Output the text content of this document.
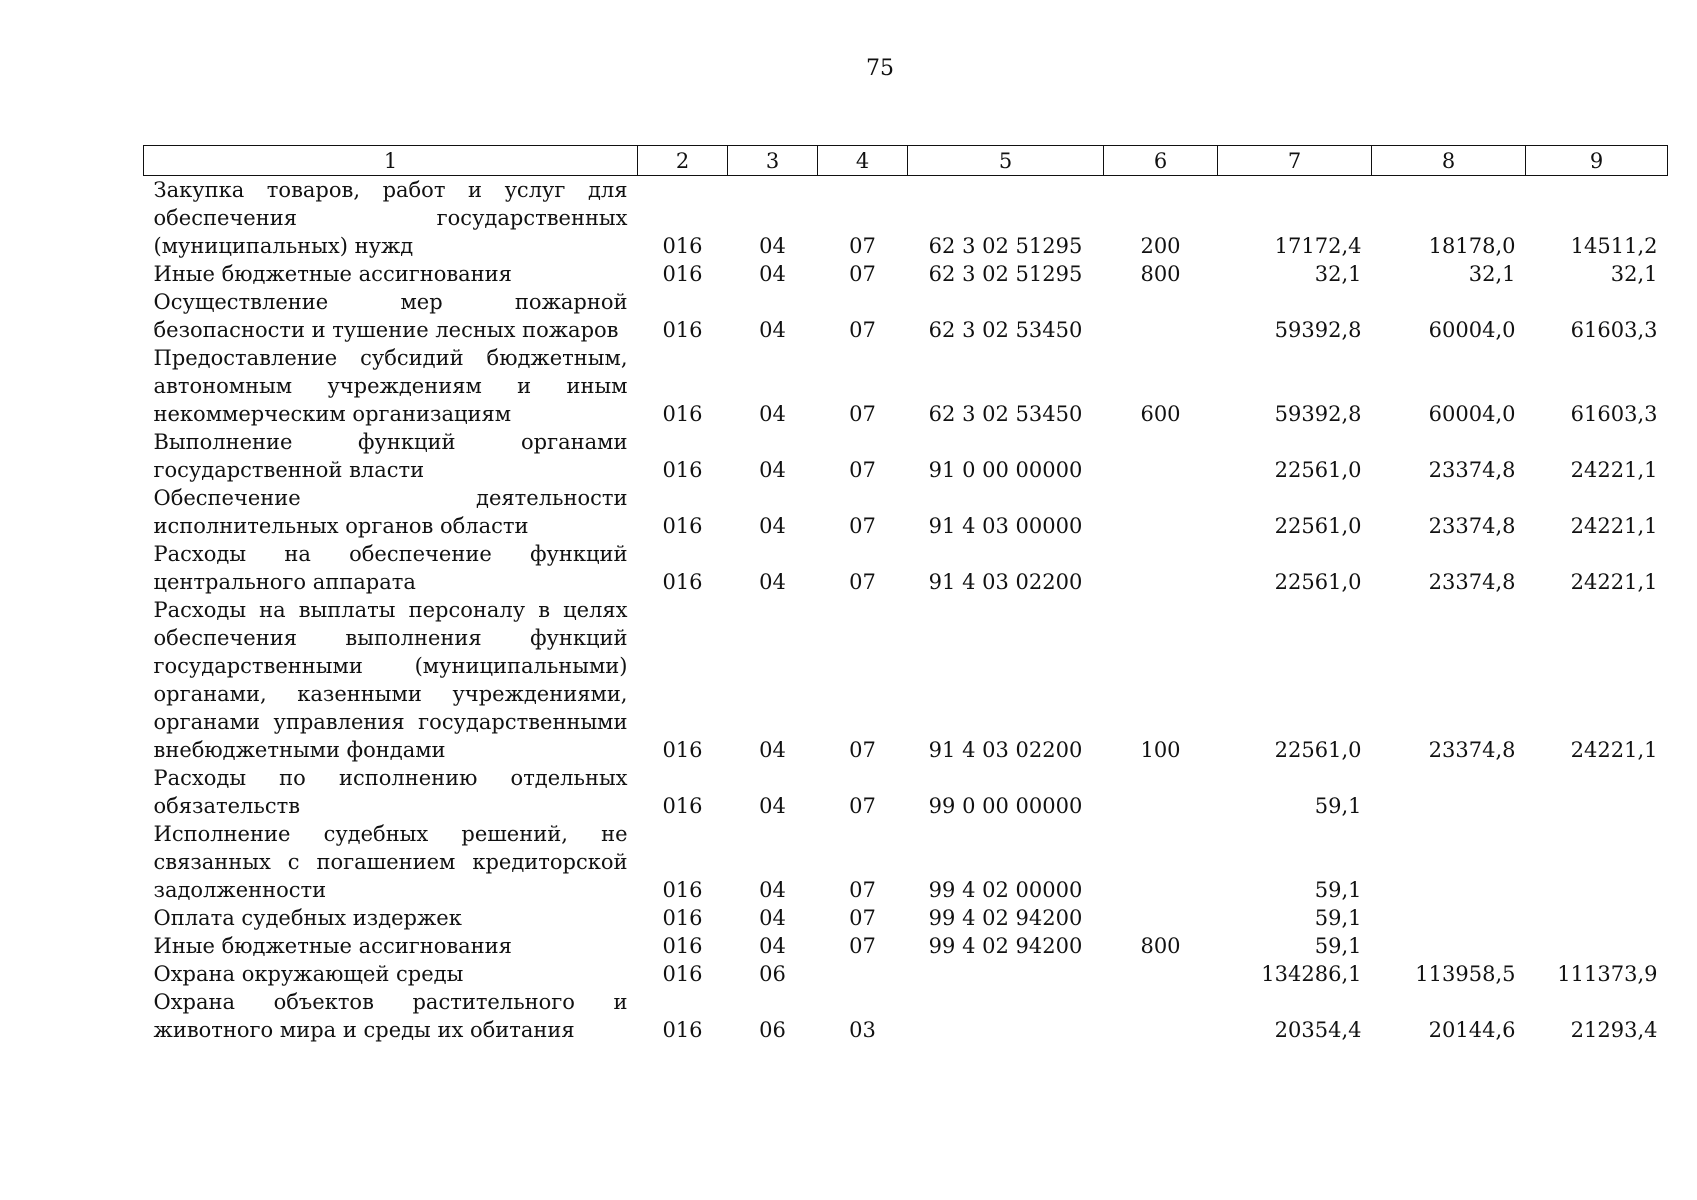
75
1	2	3	4	5	6	7	8	9
Закупка товаров, работ и услуг для обеспечения государственных (муниципальных) нужд	016	04	07	62 3 02 51295	200	17172,4	18178,0	14511,2
Иные бюджетные ассигнования	016	04	07	62 3 02 51295	800	32,1	32,1	32,1
Осуществление мер пожарной безопасности и тушение лесных пожаров	016	04	07	62 3 02 53450		59392,8	60004,0	61603,3
Предоставление субсидий бюджетным, автономным учреждениям и иным некоммерческим организациям	016	04	07	62 3 02 53450	600	59392,8	60004,0	61603,3
Выполнение функций органами государственной власти	016	04	07	91 0 00 00000		22561,0	23374,8	24221,1
Обеспечение деятельности исполнительных органов области	016	04	07	91 4 03 00000		22561,0	23374,8	24221,1
Расходы на обеспечение функций центрального аппарата	016	04	07	91 4 03 02200		22561,0	23374,8	24221,1
Расходы на выплаты персоналу в целях обеспечения выполнения функций государственными (муниципальными) органами, казенными учреждениями, органами управления государственными внебюджетными фондами	016	04	07	91 4 03 02200	100	22561,0	23374,8	24221,1
Расходы по исполнению отдельных обязательств	016	04	07	99 0 00 00000		59,1		
Исполнение судебных решений, не связанных с погашением кредиторской задолженности	016	04	07	99 4 02 00000		59,1		
Оплата судебных издержек	016	04	07	99 4 02 94200		59,1		
Иные бюджетные ассигнования	016	04	07	99 4 02 94200	800	59,1		
Охрана окружающей среды	016	06				134286,1	113958,5	111373,9
Охрана объектов растительного и животного мира и среды их обитания	016	06	03			20354,4	20144,6	21293,4
